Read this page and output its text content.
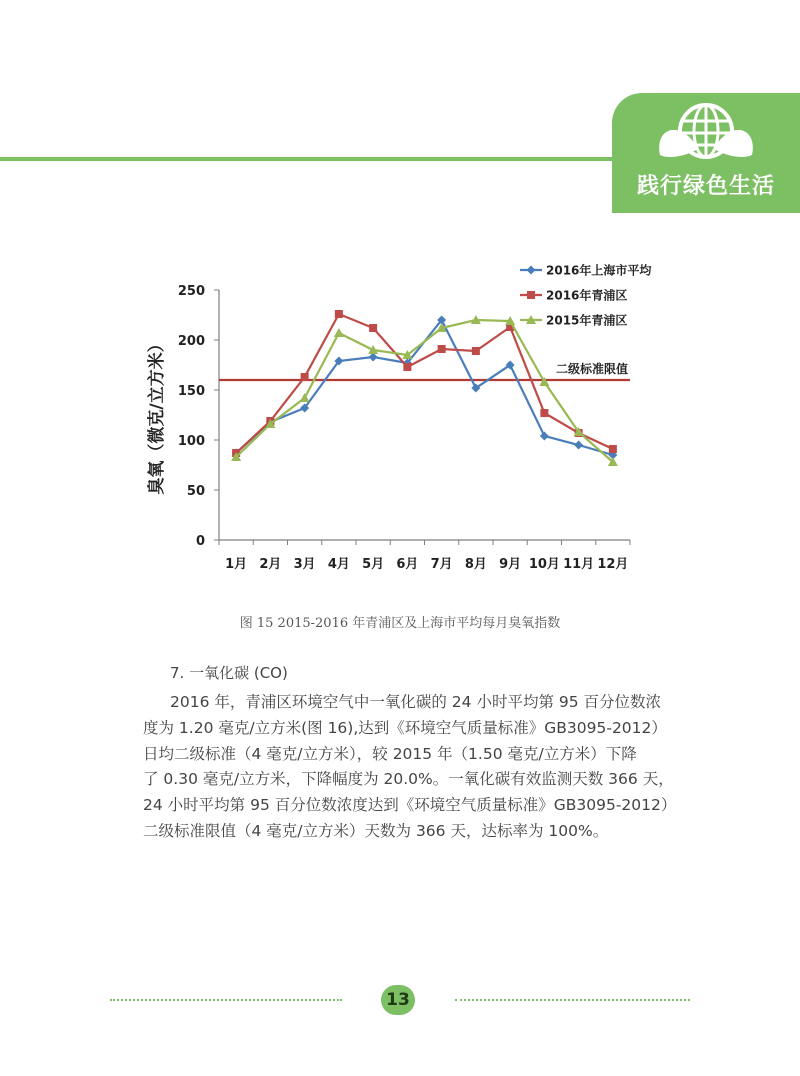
践行绿色生活
0
50
100
150
200
250
1月 2月 3月 4月 5月 6月 7月 8月 9月 10月 11月 12月
臭氧（微克/立方米）	二级标准限值
2016年上海市平均
2016年青浦区
2015年青浦区
图 15 2015-2016 年青浦区及上海市平均每月臭氧指数
7. 一氧化碳 (CO)

2016 年，青浦区环境空气中一氧化碳的 24 小时平均第 95 百分位数浓

度为 1.20 毫克/立方米(图 16),达到《环境空气质量标准》GB3095-2012）

日均二级标准（4 毫克/立方米），较 2015 年（1.50 毫克/立方米）下降

了 0.30 毫克/立方米，下降幅度为 20.0%。一氧化碳有效监测天数 366 天，

24 小时平均第 95 百分位数浓度达到《环境空气质量标准》GB3095-2012）

二级标准限值（4 毫克/立方米）天数为 366 天，达标率为 100%。

13
